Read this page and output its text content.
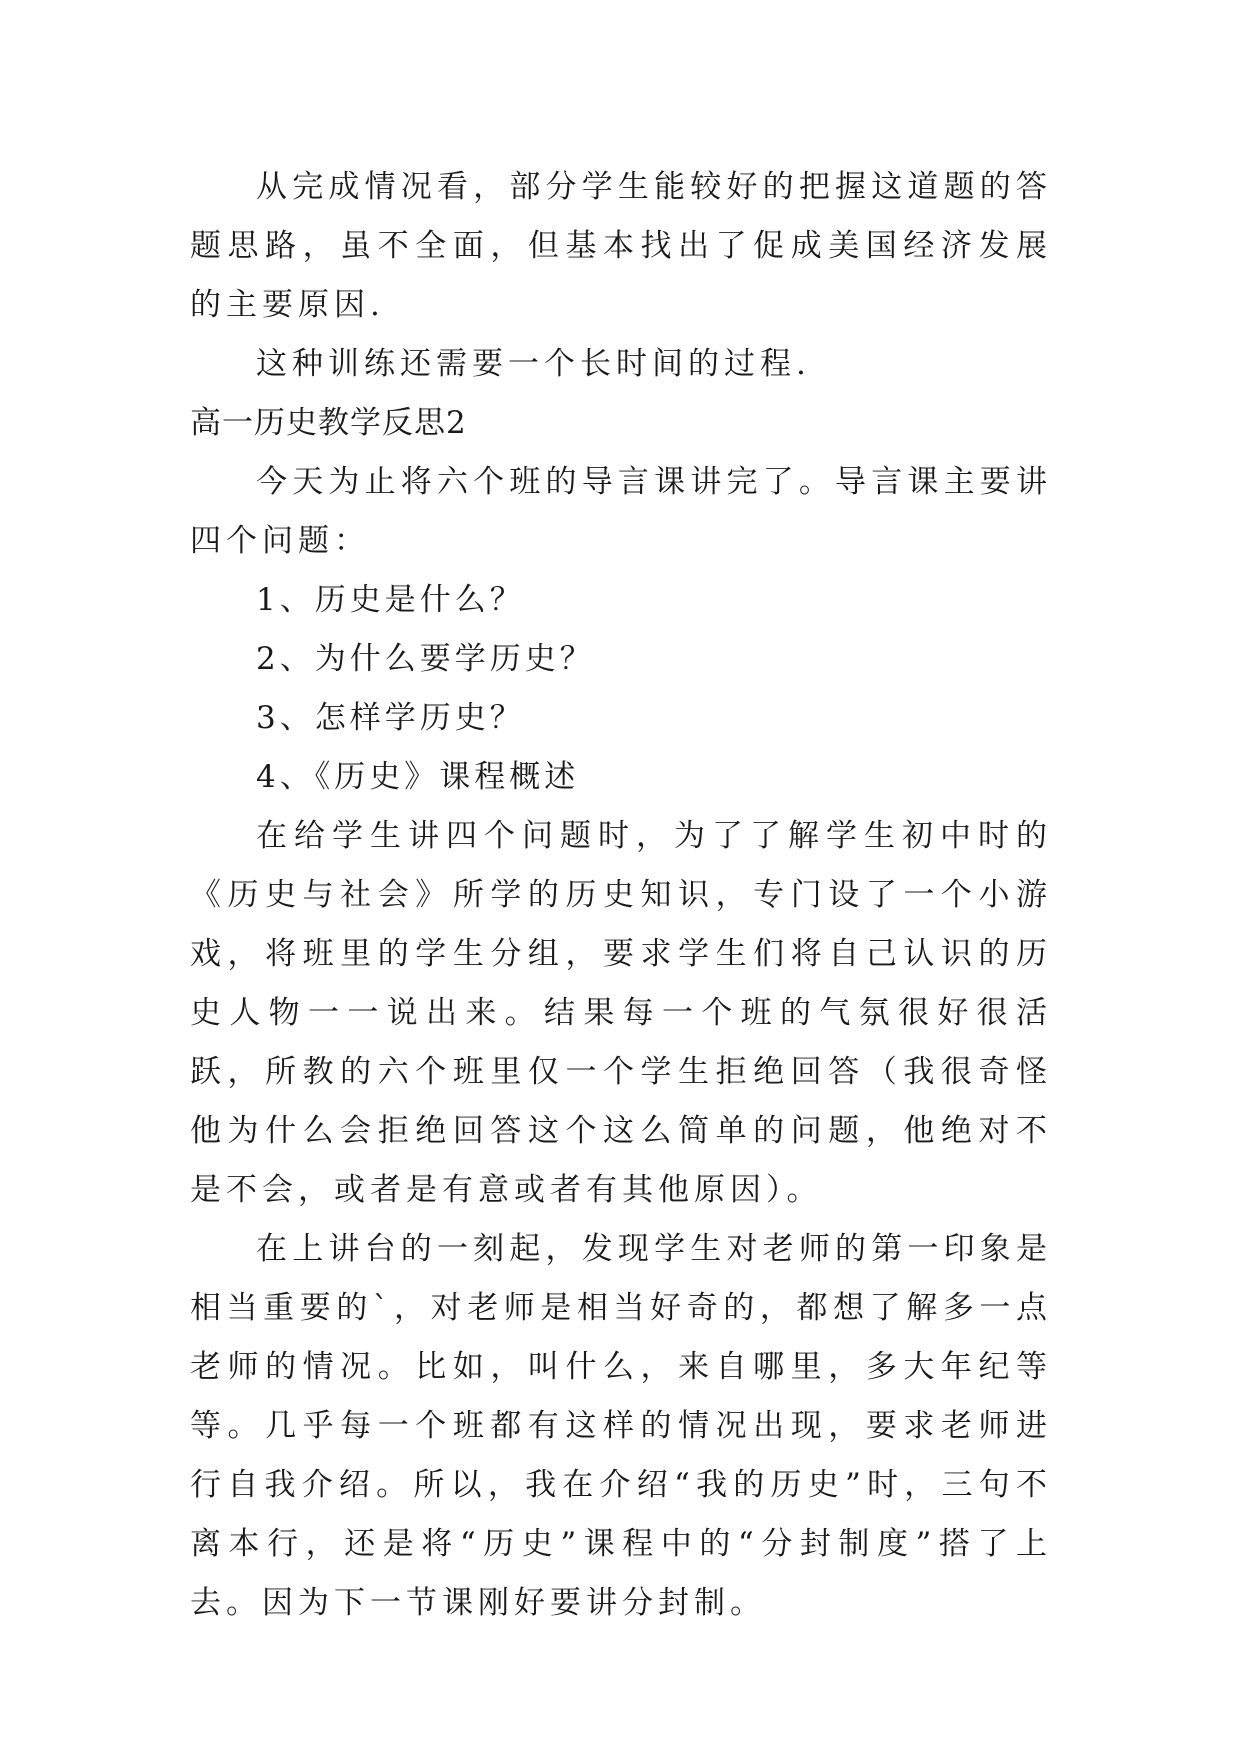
从完成情况看，部分学生能较好的把握这道题的答题思路，虽不全面，但基本找出了促成美国经济发展的主要原因.

这种训练还需要一个长时间的过程.

高一历史教学反思2

今天为止将六个班的导言课讲完了。导言课主要讲四个问题：

1、历史是什么？

2、为什么要学历史？

3、怎样学历史？

4、《历史》课程概述

在给学生讲四个问题时，为了了解学生初中时的《历史与社会》所学的历史知识，专门设了一个小游戏，将班里的学生分组，要求学生们将自己认识的历史人物一一说出来。结果每一个班的气氛很好很活跃，所教的六个班里仅一个学生拒绝回答（我很奇怪他为什么会拒绝回答这个这么简单的问题，他绝对不是不会，或者是有意或者有其他原因）。

在上讲台的一刻起，发现学生对老师的第一印象是相当重要的`，对老师是相当好奇的，都想了解多一点老师的情况。比如，叫什么，来自哪里，多大年纪等等。几乎每一个班都有这样的情况出现，要求老师进行自我介绍。所以，我在介绍“我的历史”时，三句不离本行，还是将“历史”课程中的“分封制度”搭了上去。因为下一节课刚好要讲分封制。
